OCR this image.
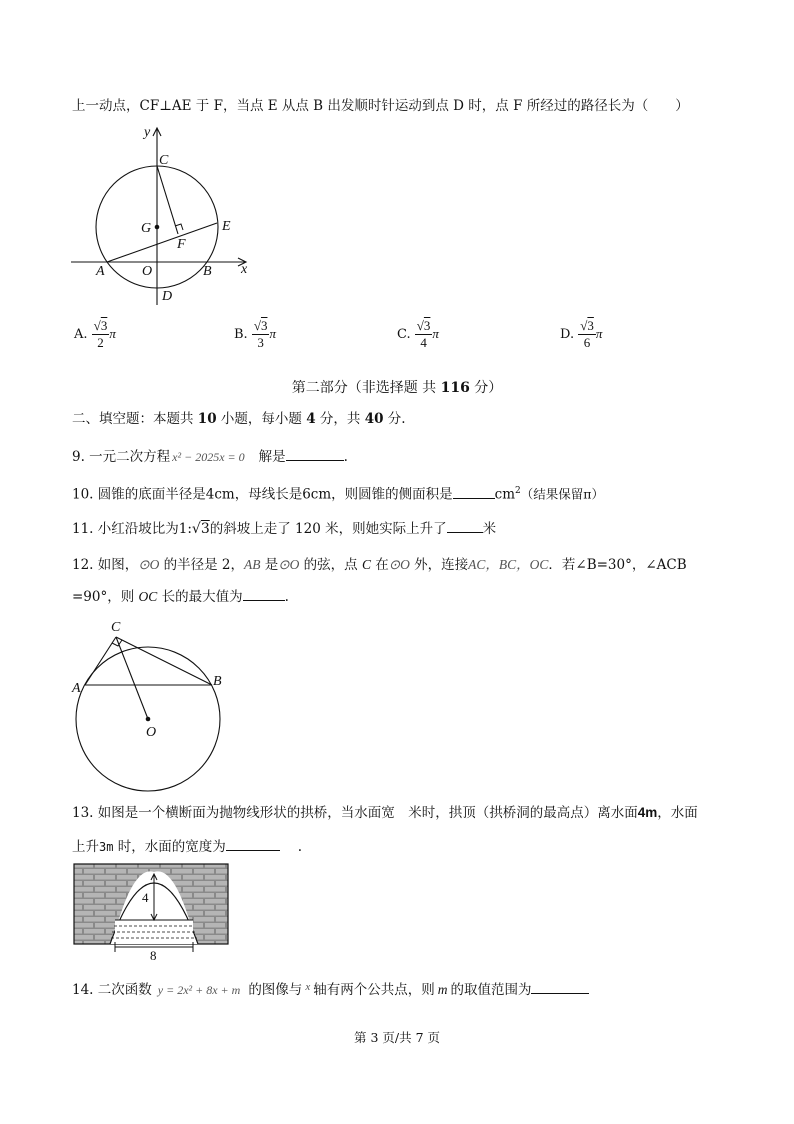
上一动点，CF⊥AE 于 F，当点 E 从点 B 出发顺时针运动到点 D 时，点 F 所经过的路径长为（　　）
y
C
G
F
E
A	O	B x
D
A. $\frac{√3}{2}$ π	B. $\frac{√3}{3}$ π	C. $\frac{√3}{4}$ π	D. $\frac{√3}{6}$ π
第二部分（非选择题 共 116 分）
二、填空题：本题共 10 小题，每小题 4 分，共 40 分.
9. 一元二次方程 x² − 2025x = 0 解是	.
10. 圆锥的底面半径是4cm，母线长是6cm，则圆锥的侧面积是	$cm^2$（结果保留π）
11. 小红沿坡比为1:√3的斜坡上走了 120 米，则她实际上升了	米
12. 如图，⊙O 的半径是 2，AB 是⊙O 的弦，点 C 在⊙O 外，连接AC，BC，OC．若∠B=30°，∠ACB
=90°，则 OC 长的最大值为	.
C
A	B
O
13. 如图是一个横断面为抛物线形状的拱桥，当水面宽　米时，拱顶（拱桥洞的最高点）离水面4m，水面
上升3m 时，水面的宽度为	.
4
8
14. 二次函数 y = 2x² + 8x + m 的图像与 $^x$ 轴有两个公共点，则 m 的取值范围为
第 3 页/共 7 页
